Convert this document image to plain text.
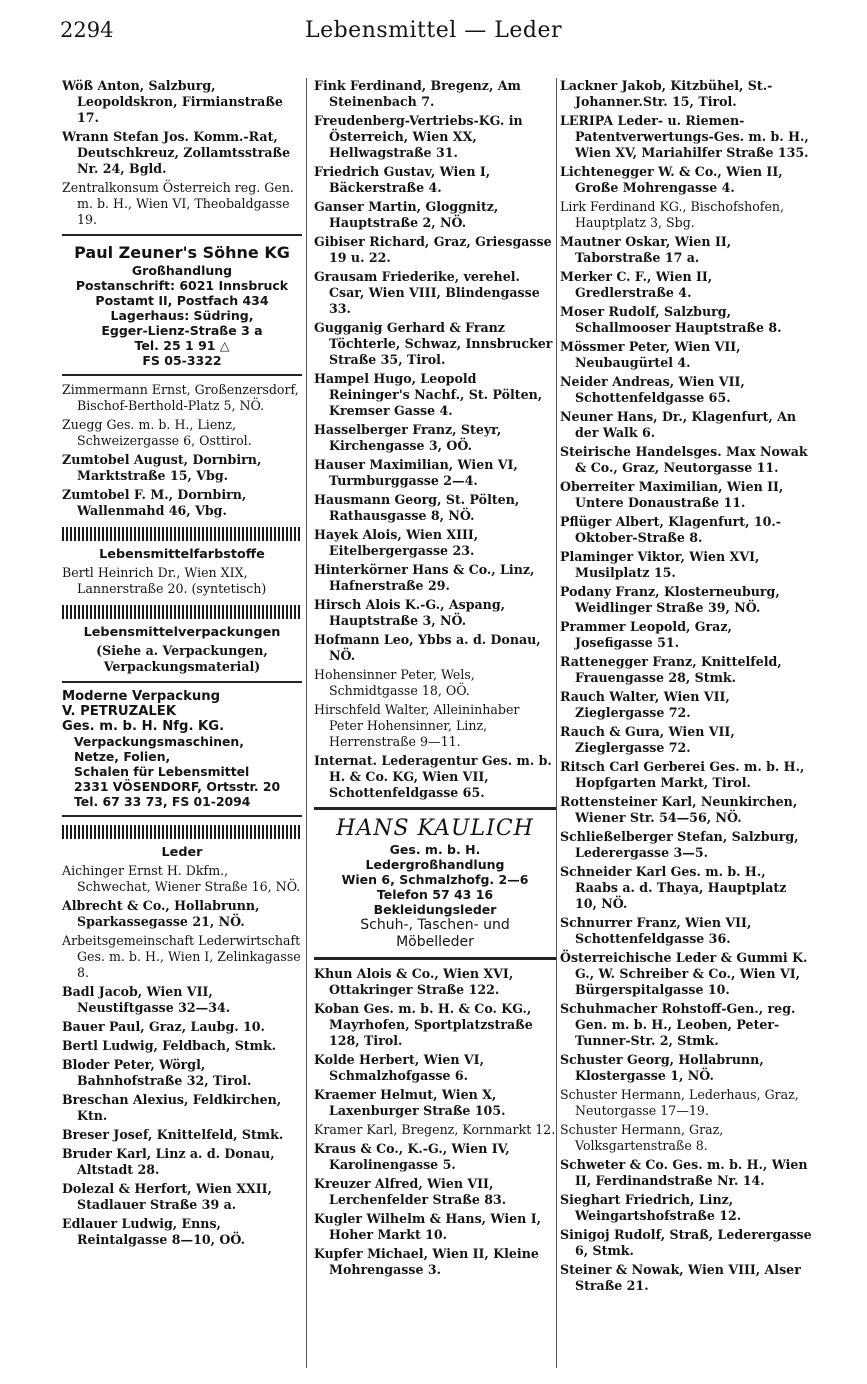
2294	Lebensmittel — Leder
Wöß Anton, Salzburg, Leopoldskron, Firmianstraße 17.
Wrann Stefan Jos. Komm.-Rat, Deutschkreuz, Zollamtsstraße Nr. 24, Bgld.
Zentralkonsum Österreich reg. Gen. m. b. H., Wien VI, Theobaldgasse 19.
Paul Zeuner's Söhne KG
Großhandlung
Postanschrift: 6021 Innsbruck
Postamt II, Postfach 434
Lagerhaus: Südring,
Egger-Lienz-Straße 3 a
Tel. 25 1 91 △
FS 05-3322
Zimmermann Ernst, Großenzersdorf, Bischof-Berthold-Platz 5, NÖ.
Zuegg Ges. m. b. H., Lienz, Schweizergasse 6, Osttirol.
Zumtobel August, Dornbirn, Marktstraße 15, Vbg.
Zumtobel F. M., Dornbirn, Wallenmahd 46, Vbg.
Lebensmittelfarbstoffe
Bertl Heinrich Dr., Wien XIX, Lannerstraße 20. (syntetisch)
Lebensmittelverpackungen
(Siehe a. Verpackungen, Verpackungsmaterial)
Moderne Verpackung
V. PETRUZALEK
Ges. m. b. H. Nfg. KG.
Verpackungsmaschinen,
Netze, Folien,
Schalen für Lebensmittel
2331 VÖSENDORF, Ortsstr. 20
Tel. 67 33 73, FS 01-2094
Leder
Aichinger Ernst H. Dkfm., Schwechat, Wiener Straße 16, NÖ.
Albrecht & Co., Hollabrunn, Sparkassegasse 21, NÖ.
Arbeitsgemeinschaft Lederwirtschaft Ges. m. b. H., Wien I, Zelinkagasse 8.
Badl Jacob, Wien VII, Neustiftgasse 32—34.
Bauer Paul, Graz, Laubg. 10.
Bertl Ludwig, Feldbach, Stmk.
Bloder Peter, Wörgl, Bahnhofstraße 32, Tirol.
Breschan Alexius, Feldkirchen, Ktn.
Breser Josef, Knittelfeld, Stmk.
Bruder Karl, Linz a. d. Donau, Altstadt 28.
Dolezal & Herfort, Wien XXII, Stadlauer Straße 39 a.
Edlauer Ludwig, Enns, Reintalgasse 8—10, OÖ.
Fink Ferdinand, Bregenz, Am Steinenbach 7.
Freudenberg-Vertriebs-KG. in Österreich, Wien XX, Hellwagstraße 31.
Friedrich Gustav, Wien I, Bäckerstraße 4.
Ganser Martin, Gloggnitz, Hauptstraße 2, NÖ.
Gibiser Richard, Graz, Griesgasse 19 u. 22.
Grausam Friederike, verehel. Csar, Wien VIII, Blindengasse 33.
Gugganig Gerhard & Franz Töchterle, Schwaz, Innsbrucker Straße 35, Tirol.
Hampel Hugo, Leopold Reininger's Nachf., St. Pölten, Kremser Gasse 4.
Hasselberger Franz, Steyr, Kirchengasse 3, OÖ.
Hauser Maximilian, Wien VI, Turmburggasse 2—4.
Hausmann Georg, St. Pölten, Rathausgasse 8, NÖ.
Hayek Alois, Wien XIII, Eitelbergergasse 23.
Hinterkörner Hans & Co., Linz, Hafnerstraße 29.
Hirsch Alois K.-G., Aspang, Hauptstraße 3, NÖ.
Hofmann Leo, Ybbs a. d. Donau, NÖ.
Hohensinner Peter, Wels, Schmidtgasse 18, OÖ.
Hirschfeld Walter, Alleininhaber Peter Hohensinner, Linz, Herrenstraße 9—11.
Internat. Lederagentur Ges. m. b. H. & Co. KG, Wien VII, Schottenfeldgasse 65.
HANS KAULICH
Ges. m. b. H.
Ledergroßhandlung
Wien 6, Schmalzhofg. 2—6
Telefon 57 43 16
Bekleidungsleder
Schuh-, Taschen- und
Möbelleder
Khun Alois & Co., Wien XVI, Ottakringer Straße 122.
Koban Ges. m. b. H. & Co. KG., Mayrhofen, Sportplatzstraße 128, Tirol.
Kolde Herbert, Wien VI, Schmalzhofgasse 6.
Kraemer Helmut, Wien X, Laxenburger Straße 105.
Kramer Karl, Bregenz, Kornmarkt 12.
Kraus & Co., K.-G., Wien IV, Karolinengasse 5.
Kreuzer Alfred, Wien VII, Lerchenfelder Straße 83.
Kugler Wilhelm & Hans, Wien I, Hoher Markt 10.
Kupfer Michael, Wien II, Kleine Mohrengasse 3.
Lackner Jakob, Kitzbühel, St.-Johanner.Str. 15, Tirol.
LERIPA Leder- u. Riemen-Patentverwertungs-Ges. m. b. H., Wien XV, Mariahilfer Straße 135.
Lichtenegger W. & Co., Wien II, Große Mohrengasse 4.
Lirk Ferdinand KG., Bischofshofen, Hauptplatz 3, Sbg.
Mautner Oskar, Wien II, Taborstraße 17 a.
Merker C. F., Wien II, Gredlerstraße 4.
Moser Rudolf, Salzburg, Schallmooser Hauptstraße 8.
Mössmer Peter, Wien VII, Neubaugürtel 4.
Neider Andreas, Wien VII, Schottenfeldgasse 65.
Neuner Hans, Dr., Klagenfurt, An der Walk 6.
Steirische Handelsges. Max Nowak & Co., Graz, Neutorgasse 11.
Oberreiter Maximilian, Wien II, Untere Donaustraße 11.
Pflüger Albert, Klagenfurt, 10.-Oktober-Straße 8.
Plaminger Viktor, Wien XVI, Musilplatz 15.
Podany Franz, Klosterneuburg, Weidlinger Straße 39, NÖ.
Prammer Leopold, Graz, Josefigasse 51.
Rattenegger Franz, Knittelfeld, Frauengasse 28, Stmk.
Rauch Walter, Wien VII, Zieglergasse 72.
Rauch & Gura, Wien VII, Zieglergasse 72.
Ritsch Carl Gerberei Ges. m. b. H., Hopfgarten Markt, Tirol.
Rottensteiner Karl, Neunkirchen, Wiener Str. 54—56, NÖ.
Schließelberger Stefan, Salzburg, Lederergasse 3—5.
Schneider Karl Ges. m. b. H., Raabs a. d. Thaya, Hauptplatz 10, NÖ.
Schnurrer Franz, Wien VII, Schottenfeldgasse 36.
Österreichische Leder & Gummi K. G., W. Schreiber & Co., Wien VI, Bürgerspitalgasse 10.
Schuhmacher Rohstoff-Gen., reg. Gen. m. b. H., Leoben, Peter-Tunner-Str. 2, Stmk.
Schuster Georg, Hollabrunn, Klostergasse 1, NÖ.
Schuster Hermann, Lederhaus, Graz, Neutorgasse 17—19.
Schuster Hermann, Graz, Volksgartenstraße 8.
Schweter & Co. Ges. m. b. H., Wien II, Ferdinandstraße Nr. 14.
Sieghart Friedrich, Linz, Weingartshofstraße 12.
Sinigoj Rudolf, Straß, Lederergasse 6, Stmk.
Steiner & Nowak, Wien VIII, Alser Straße 21.
